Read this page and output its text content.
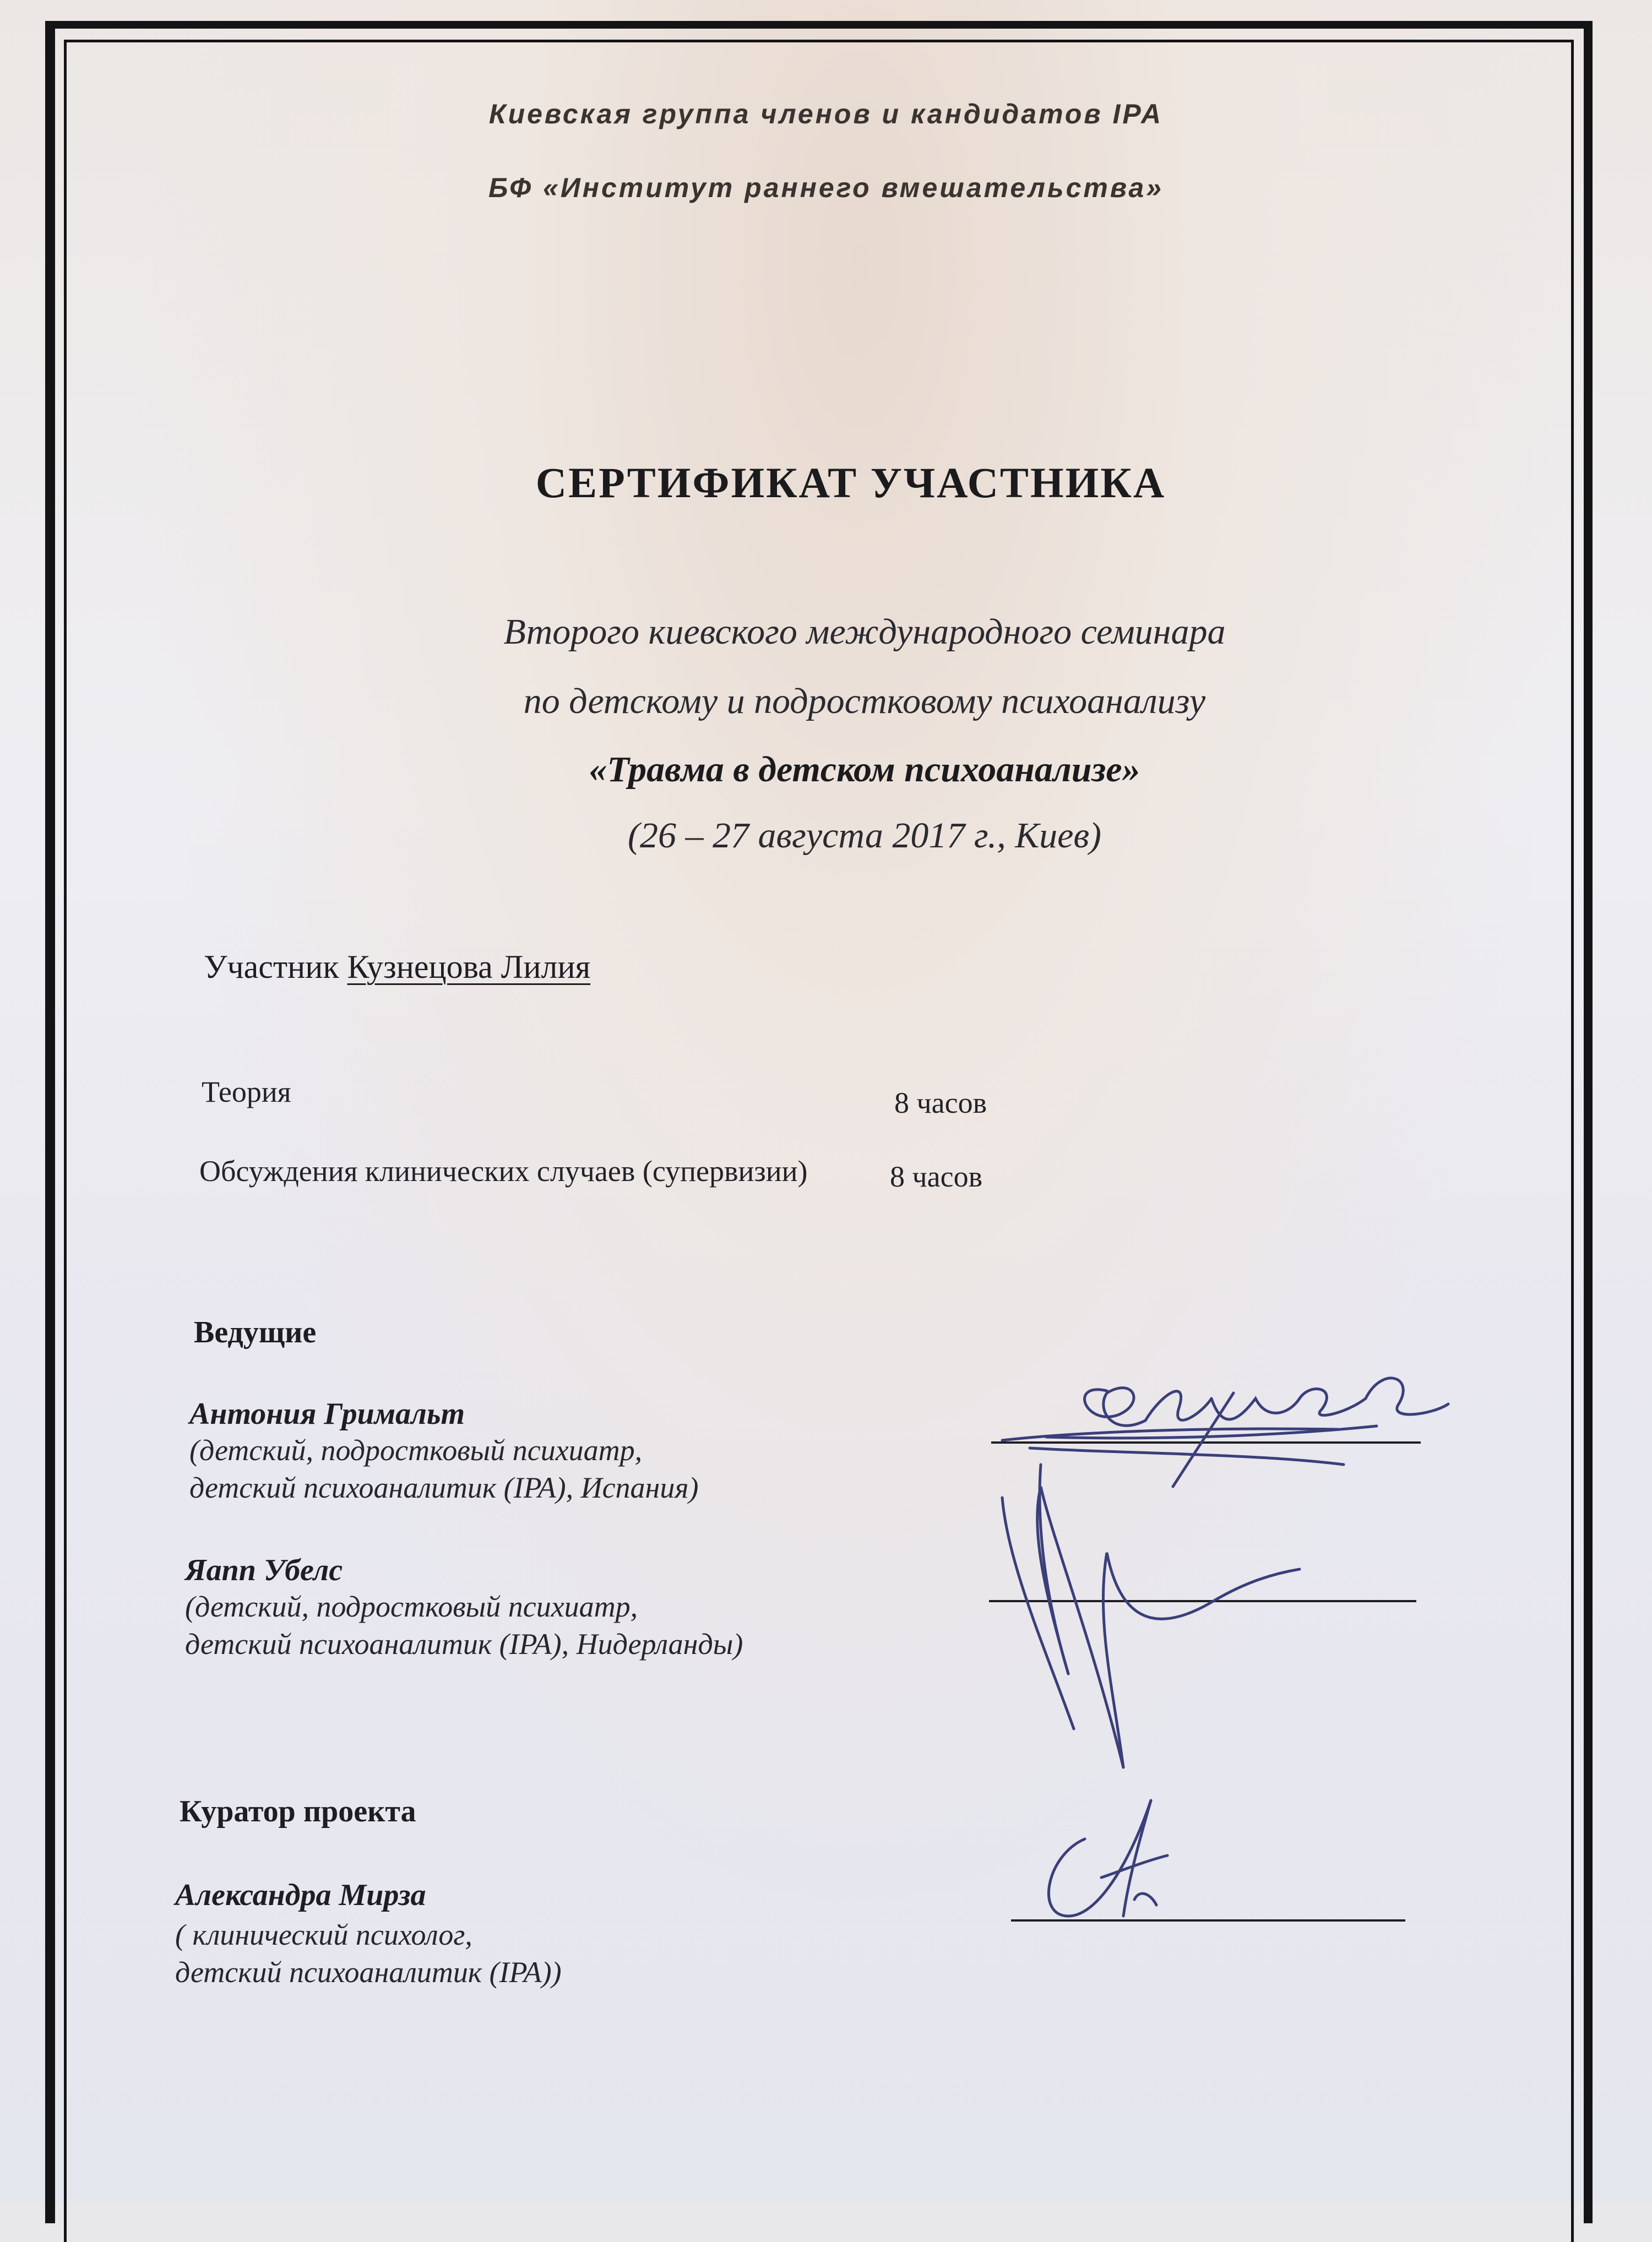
Киевская группа членов и кандидатов IPA
БФ «Институт раннего вмешательства»
СЕРТИФИКАТ УЧАСТНИКА
Второго киевского международного семинара
по детскому и подростковому психоанализу
«Травма в детском психоанализе»
(26 – 27 августа 2017 г., Киев)
Участник Кузнецова Лилия
Теория	8 часов
Обсуждения клинических случаев (супервизии)	8 часов
Ведущие
Антония Гримальт
(детский, подростковый психиатр,
детский психоаналитик (IPA), Испания)
Яапп Убелс
(детский, подростковый психиатр,
детский психоаналитик (IPA), Нидерланды)
Куратор проекта
Александра Мирза
( клинический психолог,
детский психоаналитик (IPA))
